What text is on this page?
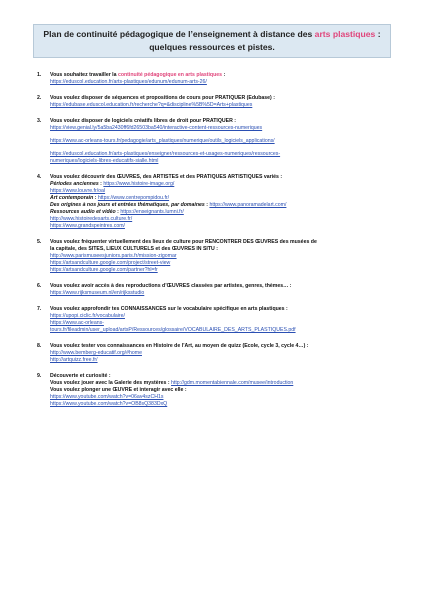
Plan de continuité pédagogique de l’enseignement à distance des arts plastiques : quelques ressources et pistes.
1. Vous souhaitez travailler la continuité pédagogique en arts plastiques :
https://eduscol.education.fr/arts-plastiques/edunum/edunum-arts-26/
2. Vous voulez disposer de séquences et propositions de cours pour PRATIQUER (Edubase) :
https://edubase.eduscol.education.fr/recherche?q=&discipline%5B%5D=Arts+plastiques
3. Vous voulez disposer de logiciels créatifs libres de droit pour PRATIQUER :
https://view.genial.ly/5a5ba2430ff6fd26503ba540/interactive-content-ressources-numeriques
https://www.ac-orleans-tours.fr/pedagogie/arts_plastiques/numerique/outils_logiciels_applications/
https://eduscol.education.fr/arts-plastiques/enseigner/ressources-et-usages-numeriques/ressources-
numeriques/logiciels-libres-educatifs-sialle.html
4. Vous voulez découvrir des ŒUVRES, des ARTISTES et des PRATIQUES ARTISTIQUES variés :
Périodes anciennes : https://www.histoire-image.org/
https://www.louvre.fr/oal
Art contemporain : https://www.centrepompidou.fr/
Des origines à nos jours et entrées thématiques, par domaines : https://www.panoramadelart.com/
Ressources audio et vidéo : https://enseignants.lumni.fr/
http://www.histoiredesarts.culture.fr/
https://www.grandspeintres.com/
5. Vous voulez fréquenter virtuellement des lieux de culture pour RENCONTRER DES ŒUVRES des musées de
la capitale, des SITES, LIEUX CULTURELS et des ŒUVRES IN SITU :
http://www.parismuseesjuniors.paris.fr/mission-zigomar
https://artsandculture.google.com/project/street-view
https://artsandculture.google.com/partner?hl=fr
6. Vous voulez avoir accès à des reproductions d’ŒUVRES classées par artistes, genres, thèmes… :
https://www.rijksmuseum.nl/en/rijksstudio
7. Vous voulez approfondir tes CONNAISSANCES sur le vocabulaire spécifique en arts plastiques :
https://upopi.ciclic.fr/vocabulaire/
https://www.ac-orleans-
tours.fr/fileadmin/user_upload/artsP/Ressources/glossaire/VOCABULAIRE_DES_ARTS_PLASTIQUES.pdf
8. Vous voulez tester vos connaissances en Histoire de l’Art, au moyen de quizz (École, cycle 3, cycle 4…) :
http://www.bemberg-educatif.org/#home
http://artquizz.free.fr/
9. Découverte et curiosité :
Vous voulez jouer avec la Galerie des mystères : http://gdm.momentabiennale.com/musee/introduction
Vous voulez plonger une ŒUVRE et interagir avec elle :
https://www.youtube.com/watch?v=06av4szCH1s
https://www.youtube.com/watch?v=OB8sQ383DxQ
